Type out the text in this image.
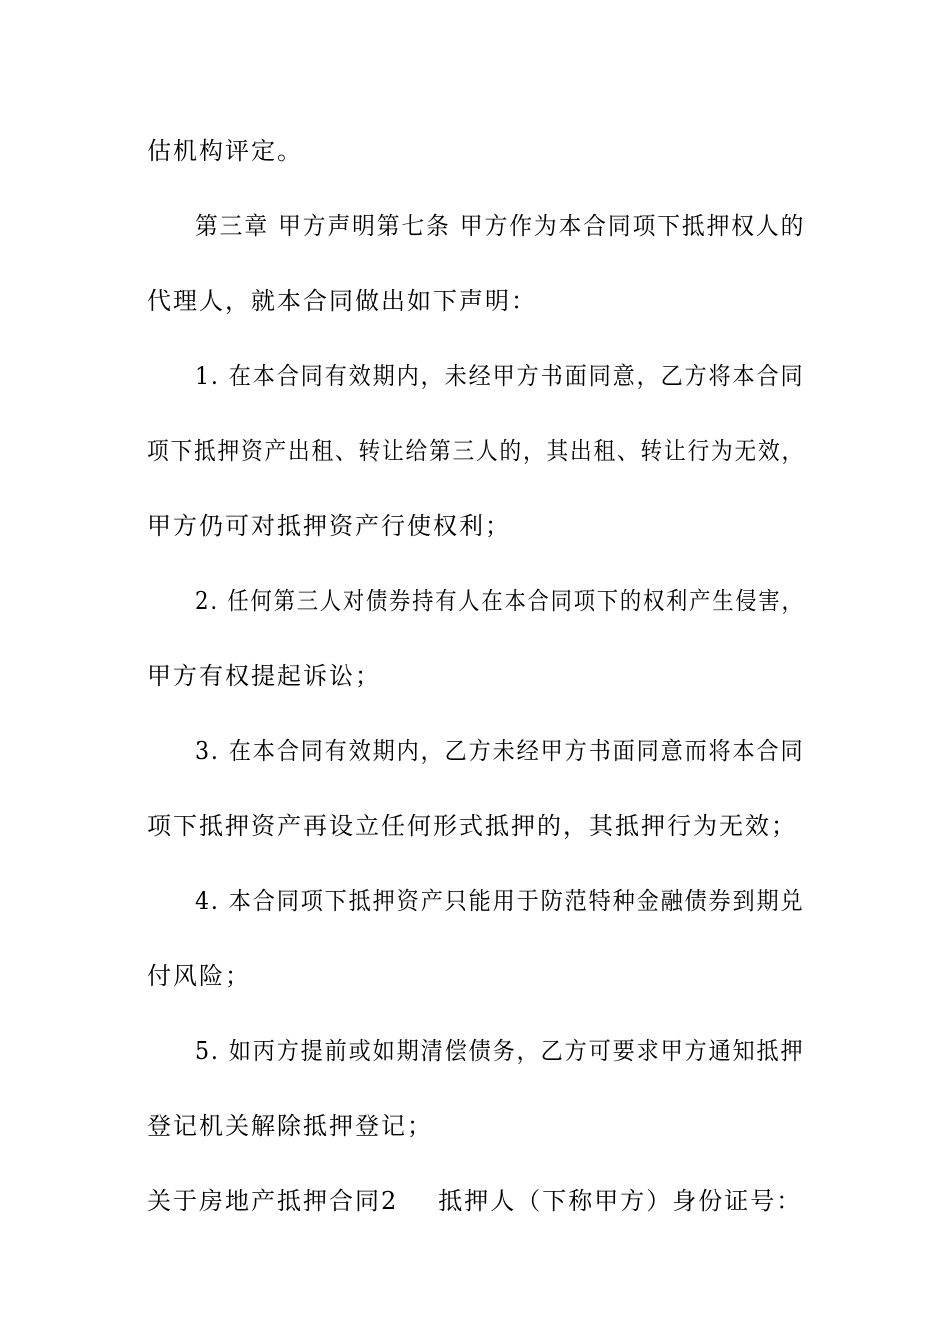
估机构评定。
第三章 甲方声明第七条 甲方作为本合同项下抵押权人的
代理人，就本合同做出如下声明：
1. 在本合同有效期内，未经甲方书面同意，乙方将本合同
项下抵押资产出租、转让给第三人的，其出租、转让行为无效，
甲方仍可对抵押资产行使权利；
2. 任何第三人对债券持有人在本合同项下的权利产生侵害，
甲方有权提起诉讼；
3. 在本合同有效期内，乙方未经甲方书面同意而将本合同
项下抵押资产再设立任何形式抵押的，其抵押行为无效；
4. 本合同项下抵押资产只能用于防范特种金融债券到期兑
付风险；
5. 如丙方提前或如期清偿债务，乙方可要求甲方通知抵押
登记机关解除抵押登记；
关于房地产抵押合同2 抵押人（下称甲方）身份证号：
